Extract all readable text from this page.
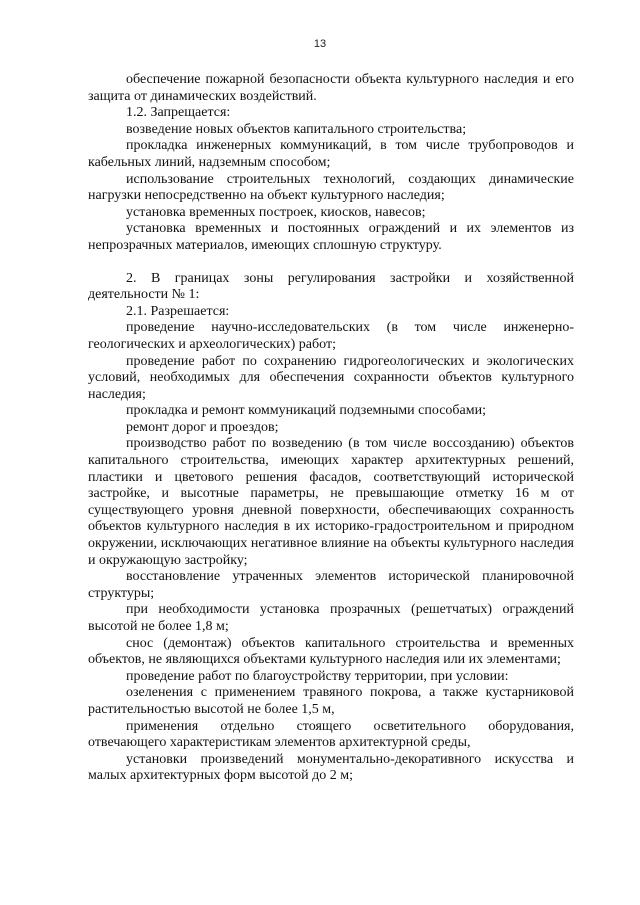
13

обеспечение пожарной безопасности объекта культурного наследия и его защита от динамических воздействий.

1.2. Запрещается:

возведение новых объектов капитального строительства;

прокладка инженерных коммуникаций, в том числе трубопроводов и кабельных линий, надземным способом;

использование строительных технологий, создающих динамические нагрузки непосредственно на объект культурного наследия;

установка временных построек, киосков, навесов;

установка временных и постоянных ограждений и их элементов из непрозрачных материалов, имеющих сплошную структуру.

2. В границах зоны регулирования застройки и хозяйственной деятельности № 1:

2.1. Разрешается:

проведение научно-исследовательских (в том числе инженерно-геологических и археологических) работ;

проведение работ по сохранению гидрогеологических и экологических условий, необходимых для обеспечения сохранности объектов культурного наследия;

прокладка и ремонт коммуникаций подземными способами;

ремонт дорог и проездов;

производство работ по возведению (в том числе воссозданию) объектов капитального строительства, имеющих характер архитектурных решений, пластики и цветового решения фасадов, соответствующий исторической застройке, и высотные параметры, не превышающие отметку 16 м от существующего уровня дневной поверхности, обеспечивающих сохранность объектов культурного наследия в их историко-градостроительном и природном окружении, исключающих негативное влияние на объекты культурного наследия и окружающую застройку;

восстановление утраченных элементов исторической планировочной структуры;

при необходимости установка прозрачных (решетчатых) ограждений высотой не более 1,8 м;

снос (демонтаж) объектов капитального строительства и временных объектов, не являющихся объектами культурного наследия или их элементами;

проведение работ по благоустройству территории, при условии:

озеленения с применением травяного покрова, а также кустарниковой растительностью высотой не более 1,5 м,

применения отдельно стоящего осветительного оборудования, отвечающего характеристикам элементов архитектурной среды,

установки произведений монументально-декоративного искусства и малых архитектурных форм высотой до 2 м;
